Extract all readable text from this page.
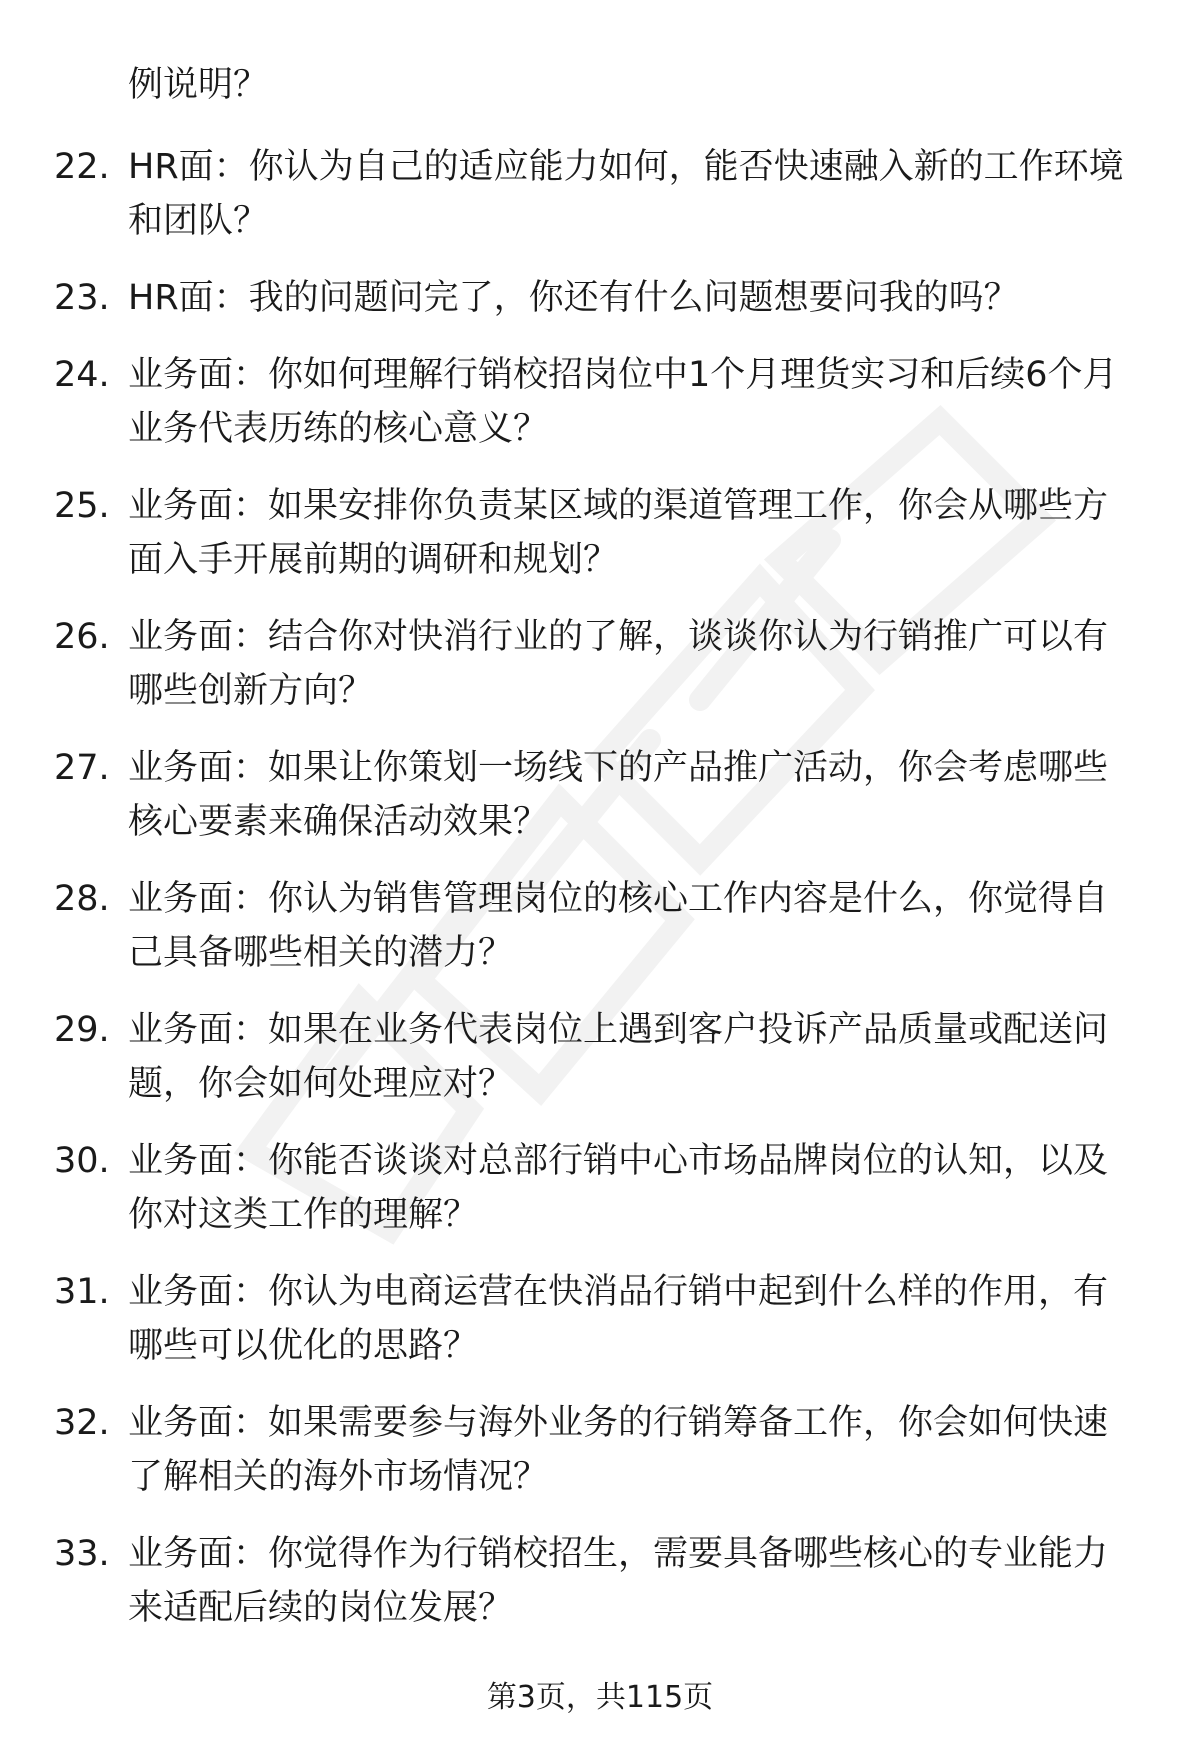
例说明？
22. HR面：你认为自己的适应能力如何，能否快速融入新的工作环境
和团队？
23. HR面：我的问题问完了，你还有什么问题想要问我的吗？
24. 业务面：你如何理解行销校招岗位中1个月理货实习和后续6个月
业务代表历练的核心意义？
25. 业务面：如果安排你负责某区域的渠道管理工作，你会从哪些方
面入手开展前期的调研和规划？
26. 业务面：结合你对快消行业的了解，谈谈你认为行销推广可以有
哪些创新方向？
27. 业务面：如果让你策划一场线下的产品推广活动，你会考虑哪些
核心要素来确保活动效果？
28. 业务面：你认为销售管理岗位的核心工作内容是什么，你觉得自
己具备哪些相关的潜力？
29. 业务面：如果在业务代表岗位上遇到客户投诉产品质量或配送问
题，你会如何处理应对？
30. 业务面：你能否谈谈对总部行销中心市场品牌岗位的认知，以及
你对这类工作的理解？
31. 业务面：你认为电商运营在快消品行销中起到什么样的作用，有
哪些可以优化的思路？
32. 业务面：如果需要参与海外业务的行销筹备工作，你会如何快速
了解相关的海外市场情况？
33. 业务面：你觉得作为行销校招生，需要具备哪些核心的专业能力
来适配后续的岗位发展？
第3页，共115页
